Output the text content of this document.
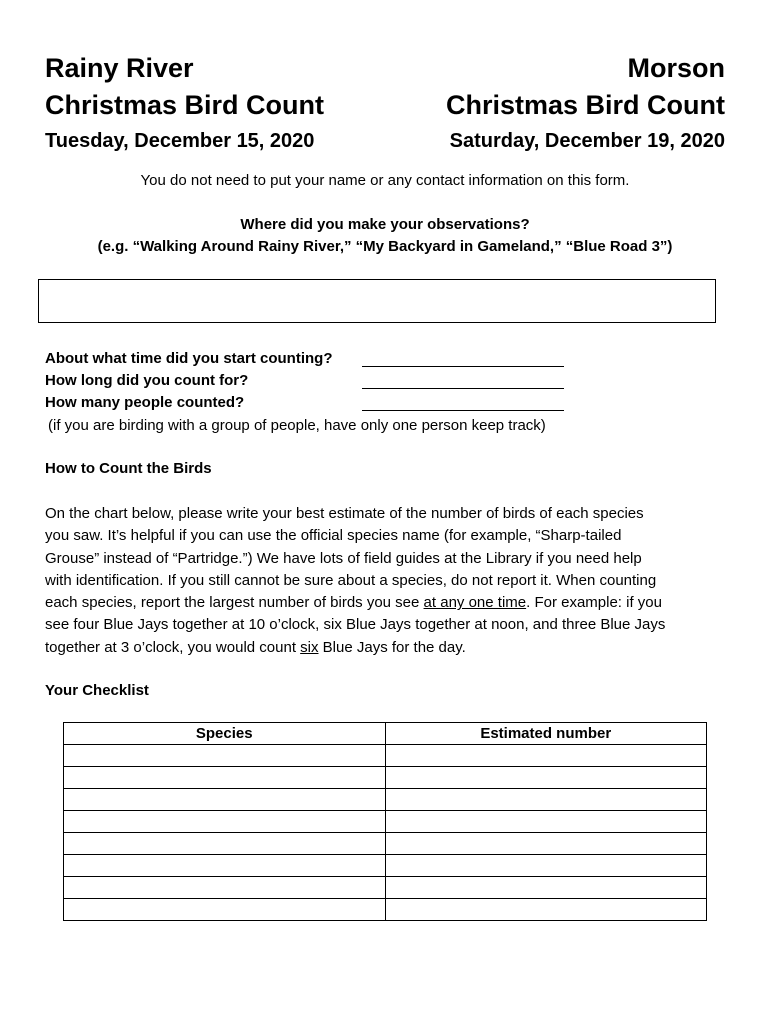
Rainy River
Christmas Bird Count
Tuesday, December 15, 2020
Morson
Christmas Bird Count
Saturday, December 19, 2020
You do not need to put your name or any contact information on this form.
Where did you make your observations?
(e.g. “Walking Around Rainy River,” “My Backyard in Gameland,” “Blue Road 3”)
About what time did you start counting?
How long did you count for?
How many people counted?
(if you are birding with a group of people, have only one person keep track)
How to Count the Birds
On the chart below, please write your best estimate of the number of birds of each species
you saw. It’s helpful if you can use the official species name (for example, “Sharp-tailed
Grouse” instead of “Partridge.”) We have lots of field guides at the Library if you need help
with identification. If you still cannot be sure about a species, do not report it. When counting
each species, report the largest number of birds you see at any one time. For example: if you
see four Blue Jays together at 10 o’clock, six Blue Jays together at noon, and three Blue Jays
together at 3 o’clock, you would count six Blue Jays for the day.
Your Checklist
Species	Estimated number
